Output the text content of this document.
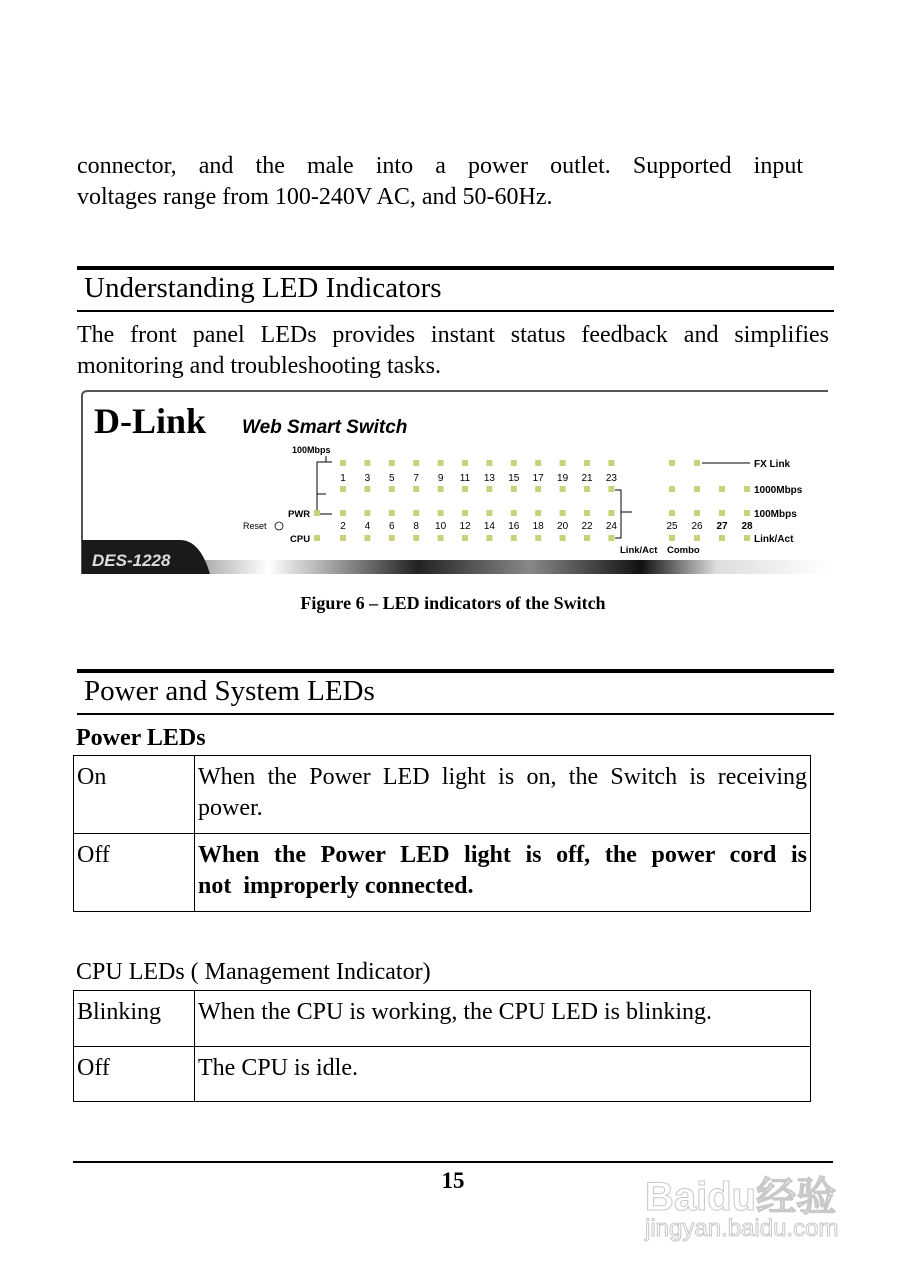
connector, and the male into a power outlet. Supported input
voltages range from 100-240V AC, and 50-60Hz.
Understanding LED Indicators
The front panel LEDs provides instant status feedback and simplifies
monitoring and troubleshooting tasks.
DES-1228
D-Link Web Smart Switch
100Mbps
PWR
Reset
CPU
Link/Act Combo
1
2
3
4
5
6
7
8
9
10
11
12
13
14
15
16
17
18
19
20
21
22
23
24	25 26 27 28
FX Link
1000Mbps
100Mbps
Link/Act
Figure 6 – LED indicators of the Switch
Power and System LEDs
Power LEDs
On	When the Power LED light is on, the Switch is receiving
power.

Off	When the Power LED light is off, the power cord is
not  improperly connected.
CPU LEDs ( Management Indicator)
Blinking	When the CPU is working, the CPU LED is blinking.
Off	The CPU is idle.
15	Baidu经验
jingyan.baidu.com
